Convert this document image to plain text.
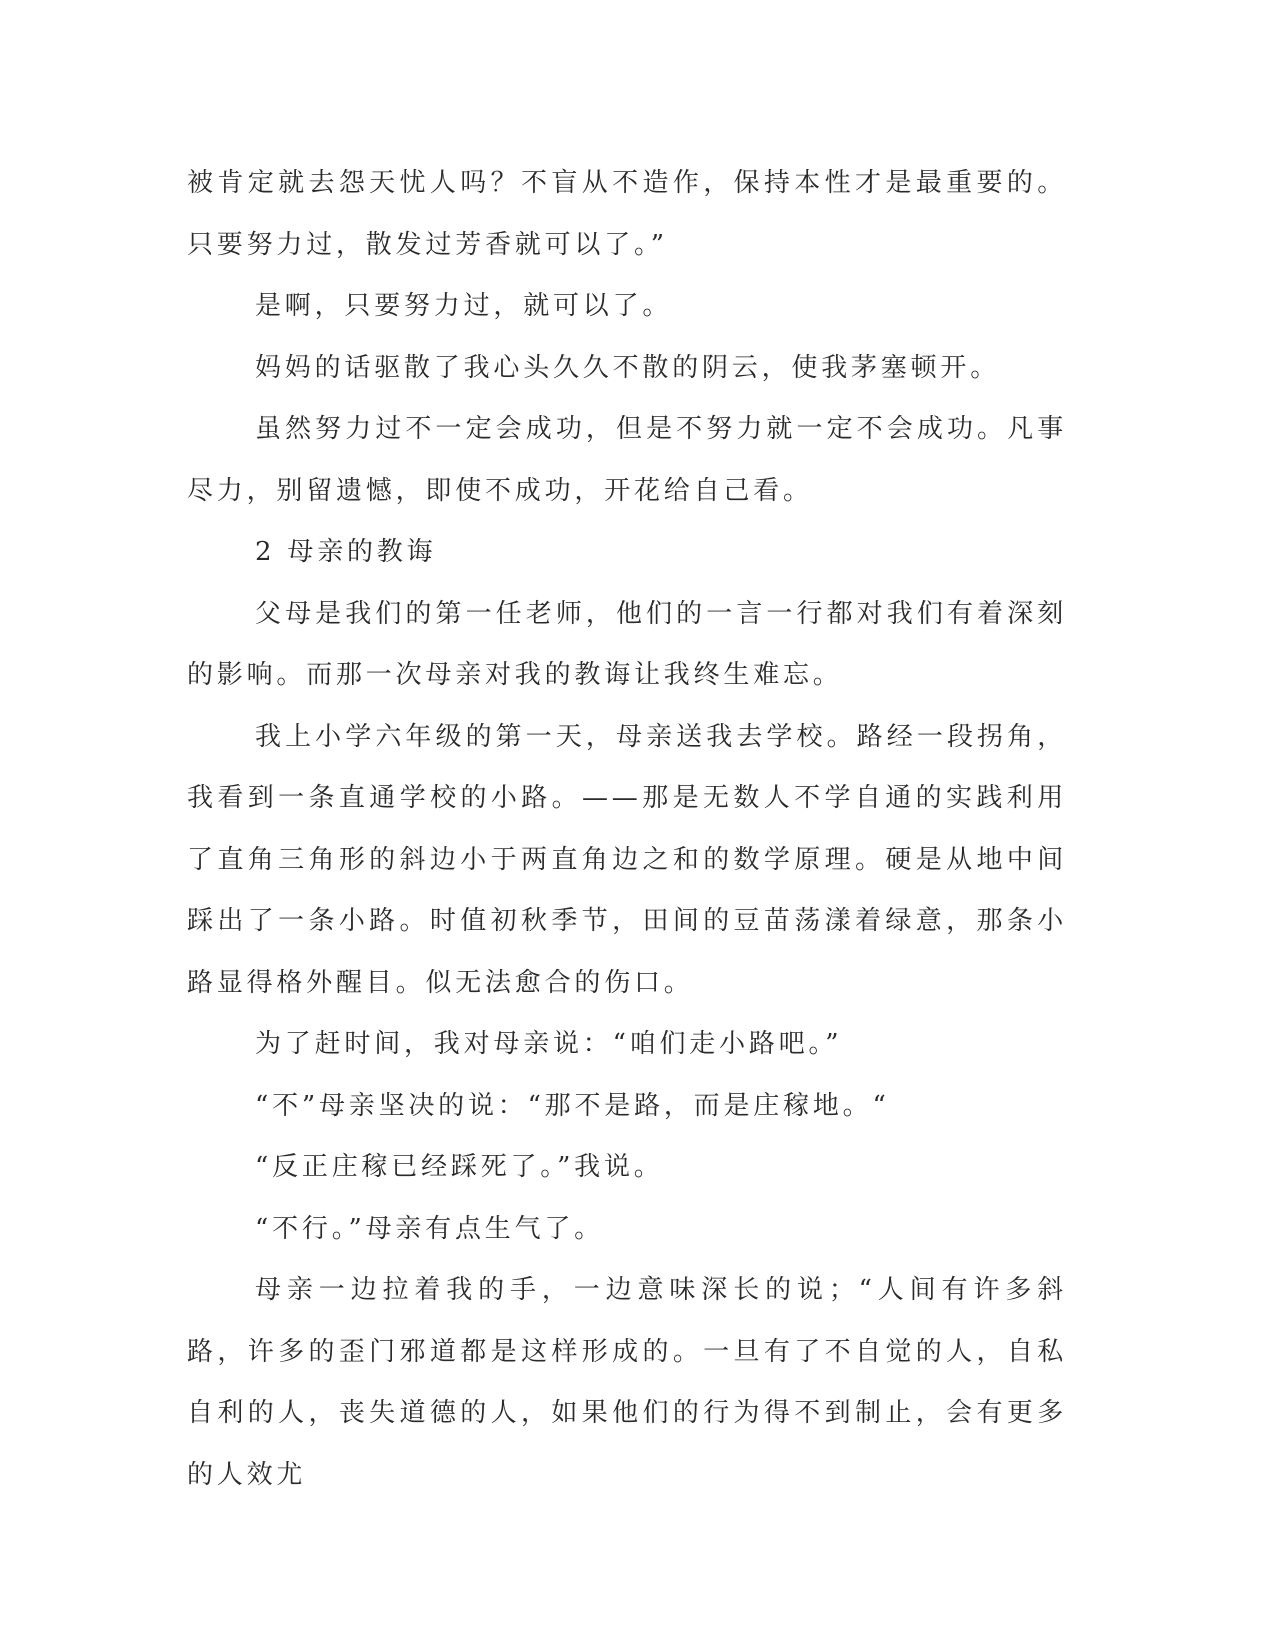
被肯定就去怨天忧人吗？不盲从不造作，保持本性才是最重要的。只要努力过，散发过芳香就可以了。”

是啊，只要努力过，就可以了。

妈妈的话驱散了我心头久久不散的阴云，使我茅塞顿开。

虽然努力过不一定会成功，但是不努力就一定不会成功。凡事尽力，别留遗憾，即使不成功，开花给自己看。

2 母亲的教诲

父母是我们的第一任老师，他们的一言一行都对我们有着深刻的影响。而那一次母亲对我的教诲让我终生难忘。

我上小学六年级的第一天，母亲送我去学校。路经一段拐角，我看到一条直通学校的小路。——那是无数人不学自通的实践利用了直角三角形的斜边小于两直角边之和的数学原理。硬是从地中间踩出了一条小路。时值初秋季节，田间的豆苗荡漾着绿意，那条小路显得格外醒目。似无法愈合的伤口。

为了赶时间，我对母亲说：“咱们走小路吧。”

“不”母亲坚决的说：“那不是路，而是庄稼地。“

“反正庄稼已经踩死了。”我说。

“不行。”母亲有点生气了。

母亲一边拉着我的手，一边意味深长的说；“人间有许多斜路，许多的歪门邪道都是这样形成的。一旦有了不自觉的人，自私自利的人，丧失道德的人，如果他们的行为得不到制止，会有更多的人效尤
